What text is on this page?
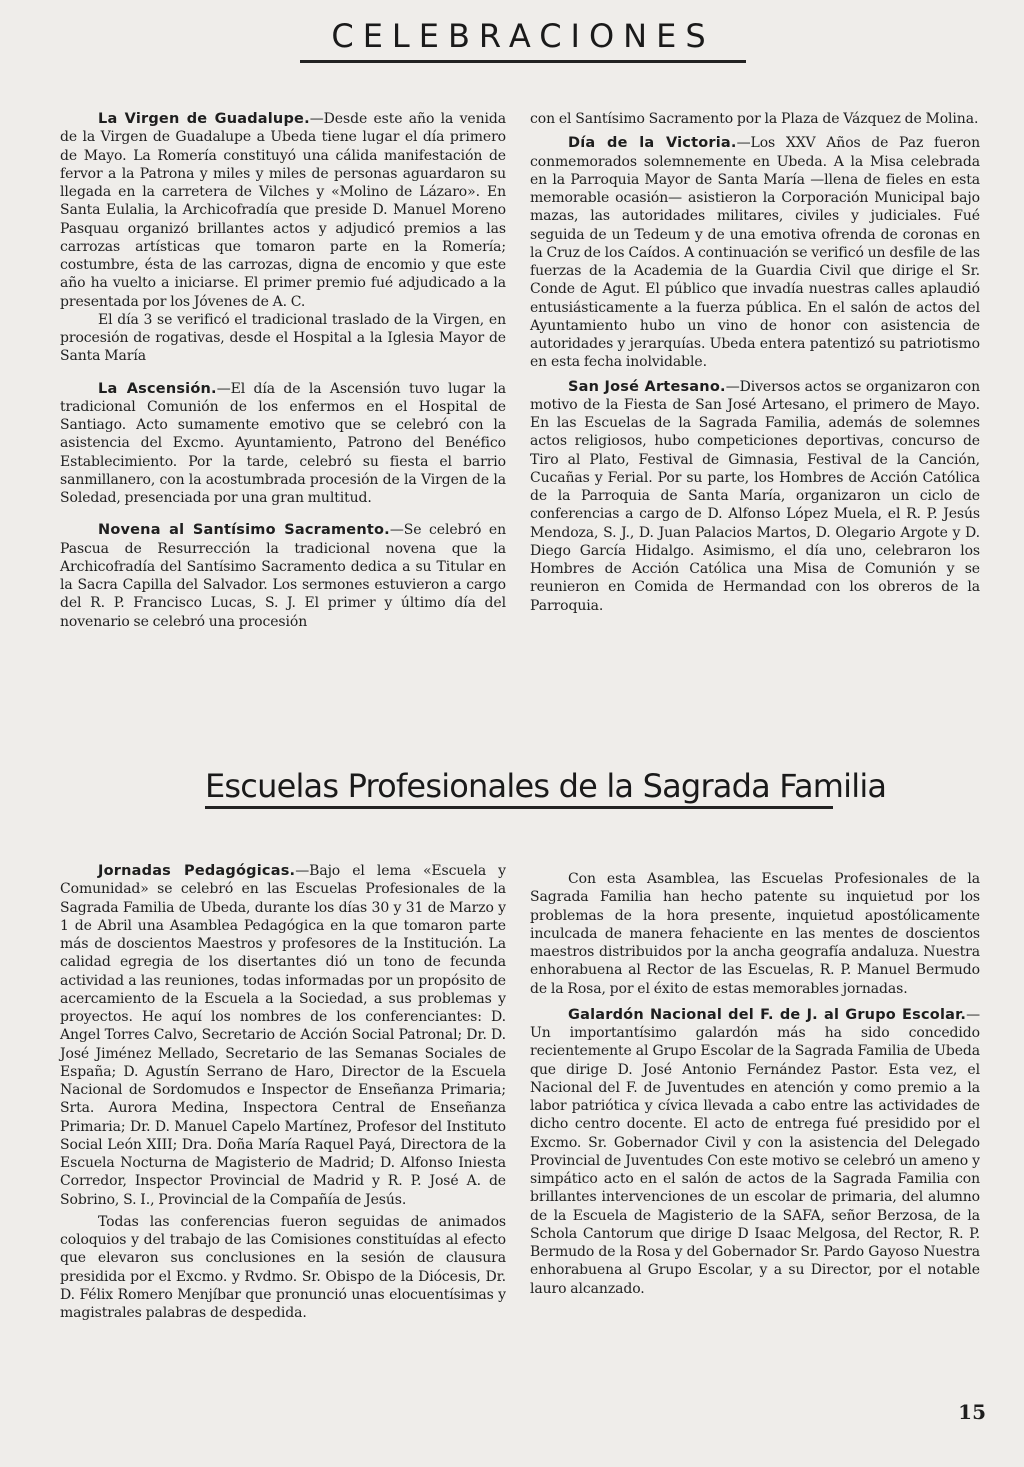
CELEBRACIONES

La Virgen de Guadalupe.—Desde este año la venida de la Virgen de Guadalupe a Ubeda tiene lugar el día primero de Mayo. La Romería constituyó una cálida manifestación de fervor a la Patrona y miles y miles de personas aguardaron su llegada en la carretera de Vilches y «Molino de Lázaro». En Santa Eulalia, la Archicofradía que preside D. Manuel Moreno Pasquau organizó brillantes actos y adjudicó premios a las carrozas artísticas que tomaron parte en la Romería; costumbre, ésta de las carrozas, digna de encomio y que este año ha vuelto a iniciarse. El primer premio fué adjudicado a la presentada por los Jóvenes de A. C.

El día 3 se verificó el tradicional traslado de la Virgen, en procesión de rogativas, desde el Hospital a la Iglesia Mayor de Santa María

La Ascensión.—El día de la Ascensión tuvo lugar la tradicional Comunión de los enfermos en el Hospital de Santiago. Acto sumamente emotivo que se celebró con la asistencia del Excmo. Ayuntamiento, Patrono del Benéfico Establecimiento. Por la tarde, celebró su fiesta el barrio sanmillanero, con la acostumbrada procesión de la Virgen de la Soledad, presenciada por una gran multitud.

Novena al Santísimo Sacramento.—Se celebró en Pascua de Resurrección la tradicional novena que la Archicofradía del Santísimo Sacramento dedica a su Titular en la Sacra Capilla del Salvador. Los sermones estuvieron a cargo del R. P. Francisco Lucas, S. J. El primer y último día del novenario se celebró una procesión

con el Santísimo Sacramento por la Plaza de Vázquez de Molina.

Día de la Victoria.—Los XXV Años de Paz fueron conmemorados solemnemente en Ubeda. A la Misa celebrada en la Parroquia Mayor de Santa María —llena de fieles en esta memorable ocasión— asistieron la Corporación Municipal bajo mazas, las autoridades militares, civiles y judiciales. Fué seguida de un Tedeum y de una emotiva ofrenda de coronas en la Cruz de los Caídos. A continuación se verificó un desfile de las fuerzas de la Academia de la Guardia Civil que dirige el Sr. Conde de Agut. El público que invadía nuestras calles aplaudió entusiásticamente a la fuerza pública. En el salón de actos del Ayuntamiento hubo un vino de honor con asistencia de autoridades y jerarquías. Ubeda entera patentizó su patriotismo en esta fecha inolvidable.

San José Artesano.—Diversos actos se organizaron con motivo de la Fiesta de San José Artesano, el primero de Mayo. En las Escuelas de la Sagrada Familia, además de solemnes actos religiosos, hubo competiciones deportivas, concurso de Tiro al Plato, Festival de Gimnasia, Festival de la Canción, Cucañas y Ferial. Por su parte, los Hombres de Acción Católica de la Parroquia de Santa María, organizaron un ciclo de conferencias a cargo de D. Alfonso López Muela, el R. P. Jesús Mendoza, S. J., D. Juan Palacios Martos, D. Olegario Argote y D. Diego García Hidalgo. Asimismo, el día uno, celebraron los Hombres de Acción Católica una Misa de Comunión y se reunieron en Comida de Hermandad con los obreros de la Parroquia.

Escuelas Profesionales de la Sagrada Familia

Jornadas Pedagógicas.—Bajo el lema «Escuela y Comunidad» se celebró en las Escuelas Profesionales de la Sagrada Familia de Ubeda, durante los días 30 y 31 de Marzo y 1 de Abril una Asamblea Pedagógica en la que tomaron parte más de doscientos Maestros y profesores de la Institución. La calidad egregia de los disertantes dió un tono de fecunda actividad a las reuniones, todas informadas por un propósito de acercamiento de la Escuela a la Sociedad, a sus problemas y proyectos. He aquí los nombres de los conferenciantes: D. Angel Torres Calvo, Secretario de Acción Social Patronal; Dr. D. José Jiménez Mellado, Secretario de las Semanas Sociales de España; D. Agustín Serrano de Haro, Director de la Escuela Nacional de Sordomudos e Inspector de Enseñanza Primaria; Srta. Aurora Medina, Inspectora Central de Enseñanza Primaria; Dr. D. Manuel Capelo Martínez, Profesor del Instituto Social León XIII; Dra. Doña María Raquel Payá, Directora de la Escuela Nocturna de Magisterio de Madrid; D. Alfonso Iniesta Corredor, Inspector Provincial de Madrid y R. P. José A. de Sobrino, S. I., Provincial de la Compañía de Jesús.

Todas las conferencias fueron seguidas de animados coloquios y del trabajo de las Comisiones constituídas al efecto que elevaron sus conclusiones en la sesión de clausura presidida por el Excmo. y Rvdmo. Sr. Obispo de la Diócesis, Dr. D. Félix Romero Menjíbar que pronunció unas elocuentísimas y magistrales palabras de despedida.

Con esta Asamblea, las Escuelas Profesionales de la Sagrada Familia han hecho patente su inquietud por los problemas de la hora presente, inquietud apostólicamente inculcada de manera fehaciente en las mentes de doscientos maestros distribuidos por la ancha geografía andaluza. Nuestra enhorabuena al Rector de las Escuelas, R. P. Manuel Bermudo de la Rosa, por el éxito de estas memorables jornadas.

Galardón Nacional del F. de J. al Grupo Escolar.—Un importantísimo galardón más ha sido concedido recientemente al Grupo Escolar de la Sagrada Familia de Ubeda que dirige D. José Antonio Fernández Pastor. Esta vez, el Nacional del F. de Juventudes en atención y como premio a la labor patriótica y cívica llevada a cabo entre las actividades de dicho centro docente. El acto de entrega fué presidido por el Excmo. Sr. Gobernador Civil y con la asistencia del Delegado Provincial de Juventudes Con este motivo se celebró un ameno y simpático acto en el salón de actos de la Sagrada Familia con brillantes intervenciones de un escolar de primaria, del alumno de la Escuela de Magisterio de la SAFA, señor Berzosa, de la Schola Cantorum que dirige D Isaac Melgosa, del Rector, R. P. Bermudo de la Rosa y del Gobernador Sr. Pardo Gayoso Nuestra enhorabuena al Grupo Escolar, y a su Director, por el notable lauro alcanzado.

15
